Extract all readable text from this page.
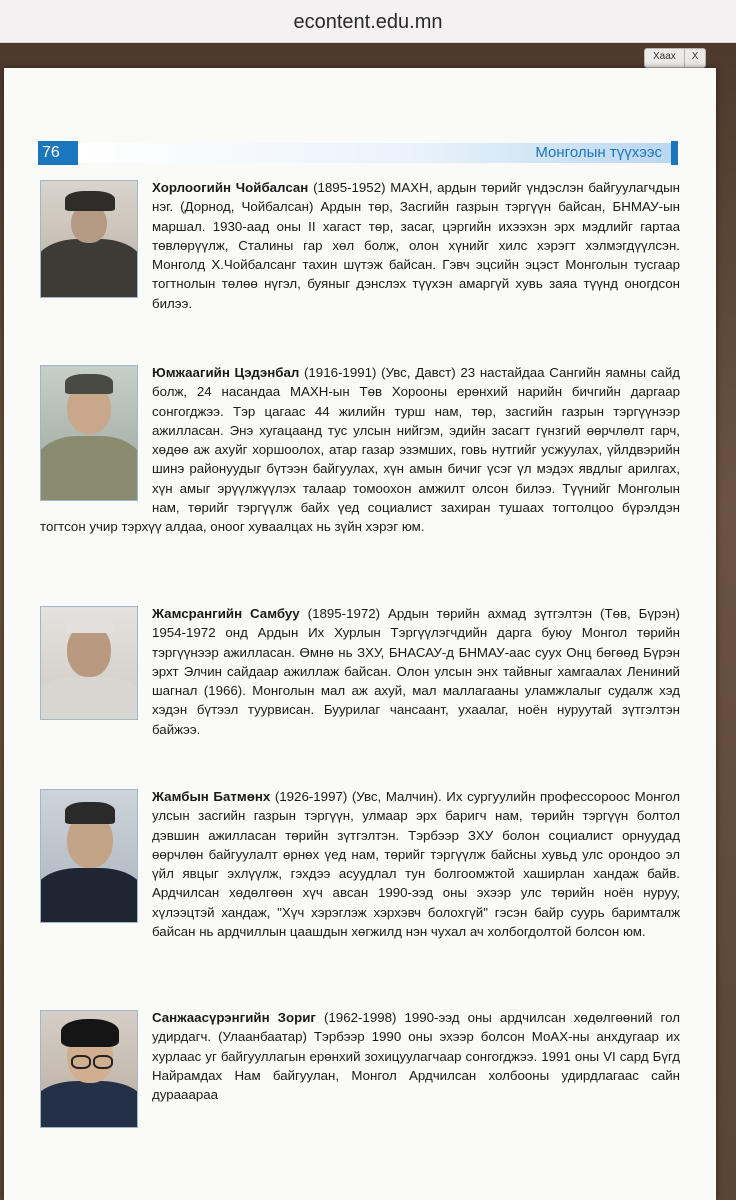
econtent.edu.mn
Хаах	X
76	Монголын түүхээс
Хорлоогийн Чойбалсан (1895-1952) МАХН, ардын төрийг үндэслэн байгуулагчдын нэг. (Дорнод, Чойбалсан) Ардын төр, Засгийн газрын тэргүүн байсан, БНМАУ-ын маршал. 1930-аад оны II хагаст төр, засаг, цэргийн ихээхэн эрх мэдлийг гартаа төвлөрүүлж, Сталины гар хөл болж, олон хүнийг хилс хэрэгт хэлмэгдүүлсэн. Монголд Х.Чойбалсанг тахин шүтэж байсан. Гэвч эцсийн эцэст Монголын тусгаар тогтнолын төлөө нүгэл, буяныг дэнслэх түүхэн амаргүй хувь заяа түүнд оногдсон билээ.
Юмжаагийн Цэдэнбал (1916-1991) (Увс, Давст) 23 настайдаа Сангийн яамны сайд болж, 24 насандаа МАХН-ын Төв Хорооны ерөнхий нарийн бичгийн даргаар сонгогджээ. Тэр цагаас 44 жилийн турш нам, төр, засгийн газрын тэргүүнээр ажилласан. Энэ хугацаанд тус улсын нийгэм, эдийн засагт гүнзгий өөрчлөлт гарч, хөдөө аж ахуйг хоршоолох, атар газар эзэмших, говь нутгийг усжуулах, үйлдвэрийн шинэ районуудыг бүтээн байгуулах, хүн амын бичиг үсэг үл мэдэх явдлыг арилгах, хүн амыг эрүүлжүүлэх талаар томоохон амжилт олсон билээ. Түүнийг Монголын нам, төрийг тэргүүлж байх үед социалист захиран тушаах тогтолцоо бүрэлдэн тогтсон учир тэрхүү алдаа, оноог хуваалцах нь зүйн хэрэг юм.
Жамсрангийн Самбуу (1895-1972) Ардын төрийн ахмад зүтгэлтэн (Төв, Бүрэн) 1954-1972 онд Ардын Их Хурлын Тэргүүлэгчдийн дарга буюу Монгол төрийн тэргүүнээр ажилласан. Өмнө нь ЗХУ, БНАСАУ-д БНМАУ-аас суух Онц бөгөөд Бүрэн эрхт Элчин сайдаар ажиллаж байсан. Олон улсын энх тайвныг хамгаалах Лениний шагнал (1966). Монголын мал аж ахуй, мал маллагааны уламжлалыг судалж хэд хэдэн бүтээл туурвисан. Буурилаг чансаант, ухаалаг, ноён нуруутай зүтгэлтэн байжээ.
Жамбын Батмөнх (1926-1997) (Увс, Малчин). Их сургуулийн профессороос Монгол улсын засгийн газрын тэргүүн, улмаар эрх баригч нам, төрийн тэргүүн болтол дэвшин ажилласан төрийн зүтгэлтэн. Тэрбээр ЗХУ болон социалист орнуудад өөрчлөн байгуулалт өрнөх үед нам, төрийг тэргүүлж байсны хувьд улс орондоо эл үйл явцыг эхлүүлж, гэхдээ асуудлал тун болгоомжтой хаширлан хандаж байв. Ардчилсан хөдөлгөөн хүч авсан 1990-ээд оны эхээр улс төрийн ноён нуруу, хүлээцтэй хандаж, "Хүч хэрэглэж хэрхэвч болохгүй" гэсэн байр суурь баримталж байсан нь ардчиллын цаашдын хөгжилд нэн чухал ач холбогдолтой болсон юм.
Санжаасүрэнгийн Зориг (1962-1998) 1990-ээд оны ардчилсан хөдөлгөөний гол удирдагч. (Улаанбаатар) Тэрбээр 1990 оны эхээр болсон МоАХ-ны анхдугаар их хурлаас уг байгууллагын ерөнхий зохицуулагчаар сонгогджээ. 1991 оны VI сард Бүгд Найрамдах Нам байгуулан, Монгол Ардчилсан холбооны удирдлагаас сайн дурааараа
